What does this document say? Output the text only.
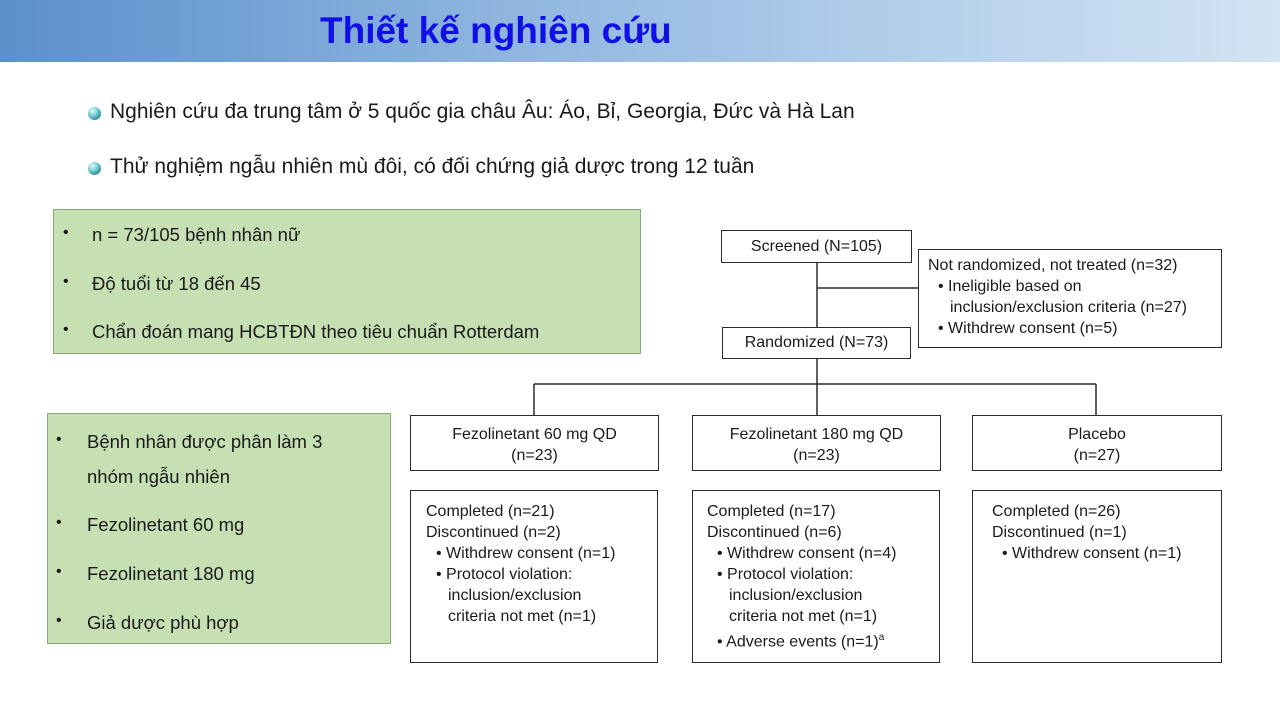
Thiết kế nghiên cứu
Nghiên cứu đa trung tâm ở 5 quốc gia châu Âu: Áo, Bỉ, Georgia, Đức và Hà Lan
Thử nghiệm ngẫu nhiên mù đôi, có đối chứng giả dược trong 12 tuần
• n = 73/105 bệnh nhân nữ
• Độ tuổi từ 18 đến 45
• Chẩn đoán mang HCBTĐN theo tiêu chuẩn Rotterdam
• Bệnh nhân được phân làm 3
nhóm ngẫu nhiên
• Fezolinetant 60 mg
• Fezolinetant 180 mg
• Giả dược phù hợp
Screened (N=105)
Not randomized, not treated (n=32)
• Ineligible based on
inclusion/exclusion criteria (n=27)
• Withdrew consent (n=5)
Randomized (N=73)
Fezolinetant 60 mg QD
(n=23)
Fezolinetant 180 mg QD
(n=23)
Placebo
(n=27)
Completed (n=21)
Discontinued (n=2)
• Withdrew consent (n=1)
• Protocol violation:
inclusion/exclusion
criteria not met (n=1)
Completed (n=17)
Discontinued (n=6)
• Withdrew consent (n=4)
• Protocol violation:
inclusion/exclusion
criteria not met (n=1)
• Adverse events (n=1)$^a$
Completed (n=26)
Discontinued (n=1)
• Withdrew consent (n=1)
